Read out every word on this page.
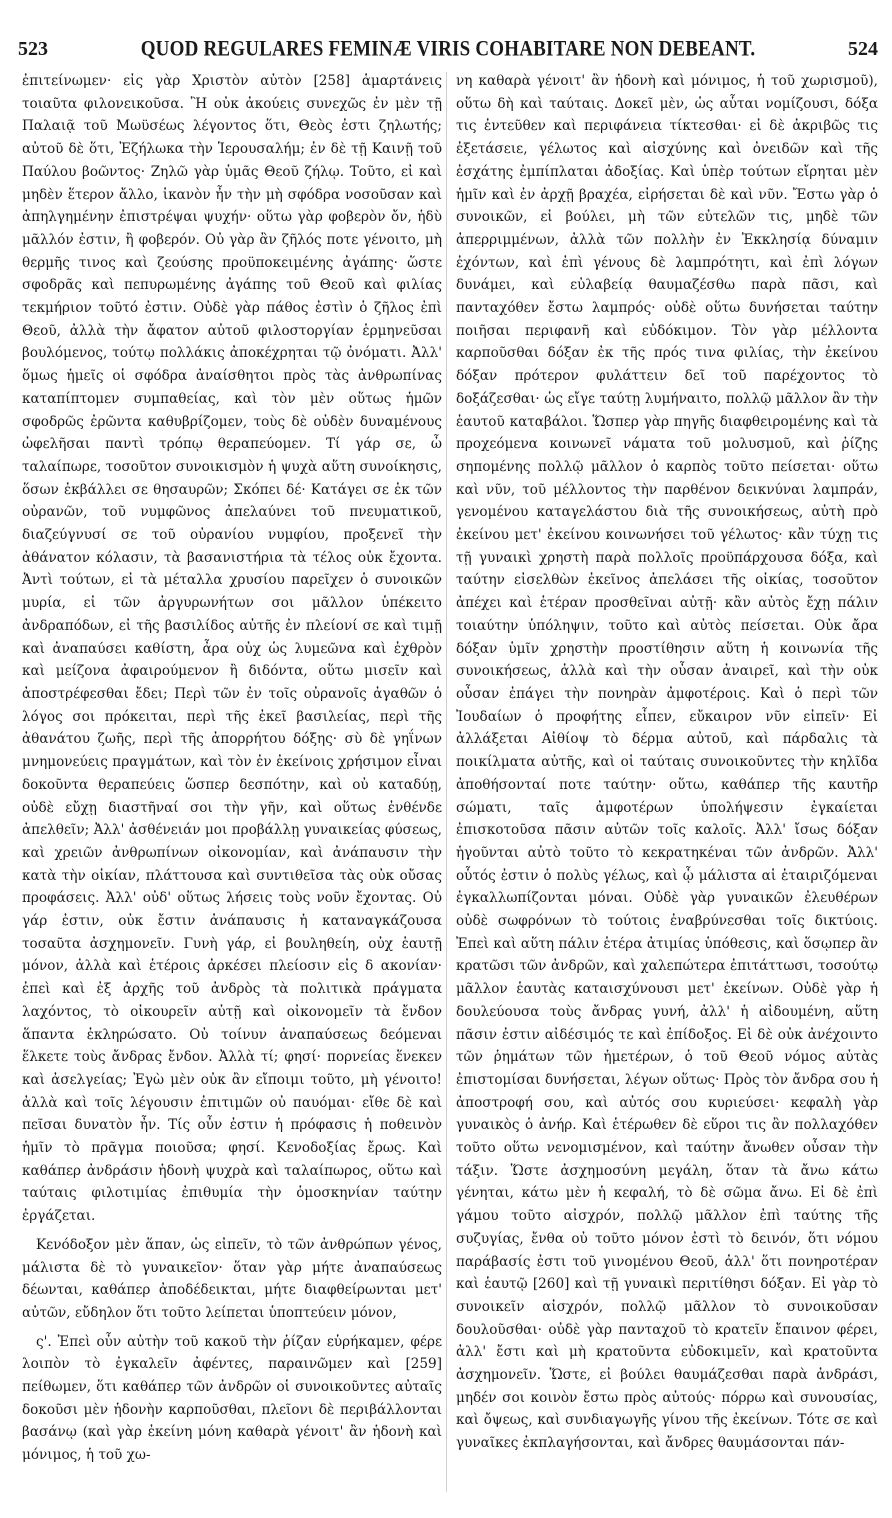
523	QUOD REGULARES FEMINÆ VIRIS COHABITARE NON DEBEANT.	524

ἐπιτείνωμεν· εἰς γὰρ Χριστὸν αὐτὸν [258] ἁμαρτάνεις τοιαῦτα φιλονεικοῦσα. Ἢ οὐκ ἀκούεις συνεχῶς ἐν μὲν τῇ Παλαιᾷ τοῦ Μωϋσέως λέγοντος ὅτι, Θεὸς ἐστι ζηλωτής; αὐτοῦ δὲ ὅτι, Ἐζήλωκα τὴν Ἱερουσαλήμ; ἐν δὲ τῇ Καινῇ τοῦ Παύλου βοῶντος· Ζηλῶ γὰρ ὑμᾶς Θεοῦ ζήλῳ. Τοῦτο, εἰ καὶ μηδὲν ἕτερον ἄλλο, ἱκανὸν ἦν τὴν μὴ σφόδρα νοσοῦσαν καὶ ἀπηλγημένην ἐπιστρέψαι ψυχήν· οὕτω γὰρ φοβερὸν ὄν, ἡδὺ μᾶλλόν ἐστιν, ἢ φοβερόν. Οὐ γὰρ ἂν ζῆλός ποτε γένοιτο, μὴ θερμῆς τινος καὶ ζεούσης προϋποκειμένης ἀγάπης· ὥστε σφοδρᾶς καὶ πεπυρωμένης ἀγάπης τοῦ Θεοῦ καὶ φιλίας τεκμήριον τοῦτό ἐστιν. Οὐδὲ γὰρ πάθος ἐστὶν ὁ ζῆλος ἐπὶ Θεοῦ, ἀλλὰ τὴν ἄφατον αὐτοῦ φιλοστοργίαν ἑρμηνεῦσαι βουλόμενος, τούτῳ πολλάκις ἀποκέχρηται τῷ ὀνόματι. Ἀλλ' ὅμως ἡμεῖς οἱ σφόδρα ἀναίσθητοι πρὸς τὰς ἀνθρωπίνας καταπίπτομεν συμπαθείας, καὶ τὸν μὲν οὕτως ἡμῶν σφοδρῶς ἐρῶντα καθυβρίζομεν, τοὺς δὲ οὐδὲν δυναμένους ὠφελῆσαι παντὶ τρόπῳ θεραπεύομεν. Τί γάρ σε, ὦ ταλαίπωρε, τοσοῦτον συνοικισμὸν ἡ ψυχὰ αὕτη συνοίκησις, ὅσων ἐκβάλλει σε θησαυρῶν; Σκόπει δέ· Κατάγει σε ἐκ τῶν οὐρανῶν, τοῦ νυμφῶνος ἀπελαύνει τοῦ πνευματικοῦ, διαζεύγνυσί σε τοῦ οὐρανίου νυμφίου, προξενεῖ τὴν ἀθάνατον κόλασιν, τὰ βασανιστήρια τὰ τέλος οὐκ ἔχοντα. Ἀντὶ τούτων, εἰ τὰ μέταλλα χρυσίου παρεῖχεν ὁ συνοικῶν μυρία, εἰ τῶν ἀργυρωνήτων σοι μᾶλλον ὑπέκειτο ἀνδραπόδων, εἰ τῆς βασιλίδος αὐτῆς ἐν πλείονί σε καὶ τιμῇ καὶ ἀναπαύσει καθίστη, ἆρα οὐχ ὡς λυμεῶνα καὶ ἐχθρὸν καὶ μείζονα ἀφαιρούμενον ἢ διδόντα, οὕτω μισεῖν καὶ ἀποστρέφεσθαι ἔδει; Περὶ τῶν ἐν τοῖς οὐρανοῖς ἀγαθῶν ὁ λόγος σοι πρόκειται, περὶ τῆς ἐκεῖ βασιλείας, περὶ τῆς ἀθανάτου ζωῆς, περὶ τῆς ἀπορρήτου δόξης· σὺ δὲ γηΐνων μνημονεύεις πραγμάτων, καὶ τὸν ἐν ἐκείνοις χρήσιμον εἶναι δοκοῦντα θεραπεύεις ὥσπερ δεσπότην, καὶ οὐ καταδύῃ, οὐδὲ εὔχῃ διαστῆναί σοι τὴν γῆν, καὶ οὕτως ἐνθένδε ἀπελθεῖν; Ἀλλ' ἀσθένειάν μοι προβάλλῃ γυναικείας φύσεως, καὶ χρειῶν ἀνθρωπίνων οἰκονομίαν, καὶ ἀνάπαυσιν τὴν κατὰ τὴν οἰκίαν, πλάττουσα καὶ συντιθεῖσα τὰς οὐκ οὔσας προφάσεις. Ἀλλ' οὐδ' οὕτως λήσεις τοὺς νοῦν ἔχοντας. Οὐ γάρ ἐστιν, οὐκ ἔστιν ἀνάπαυσις ἡ καταναγκάζουσα τοσαῦτα ἀσχημονεῖν. Γυνὴ γάρ, εἰ βουληθείη, οὐχ ἑαυτῇ μόνον, ἀλλὰ καὶ ἑτέροις ἀρκέσει πλείοσιν εἰς δ ακονίαν· ἐπεὶ καὶ ἐξ ἀρχῆς τοῦ ἀνδρὸς τὰ πολιτικὰ πράγματα λαχόντος, τὸ οἰκουρεῖν αὐτῇ καὶ οἰκονομεῖν τὰ ἔνδον ἅπαντα ἐκληρώσατο. Οὐ τοίνυν ἀναπαύσεως δεόμεναι ἕλκετε τοὺς ἄνδρας ἔνδον. Ἀλλὰ τί; φησί· πορνείας ἕνεκεν καὶ ἀσελγείας; Ἐγὼ μὲν οὐκ ἂν εἴποιμι τοῦτο, μὴ γένοιτο! ἀλλὰ καὶ τοῖς λέγουσιν ἐπιτιμῶν οὐ παυόμαι· εἴθε δὲ καὶ πεῖσαι δυνατὸν ἦν. Τίς οὖν ἐστιν ἡ πρόφασις ἡ ποθεινὸν ἡμῖν τὸ πρᾶγμα ποιοῦσα; φησί. Κενοδοξίας ἔρως. Καὶ καθάπερ ἀνδράσιν ἡδονὴ ψυχρὰ καὶ ταλαίπωρος, οὕτω καὶ ταύταις φιλοτιμίας ἐπιθυμία τὴν ὁμοσκηνίαν ταύτην ἐργάζεται.

Κενόδοξον μὲν ἅπαν, ὡς εἰπεῖν, τὸ τῶν ἀνθρώπων γένος, μάλιστα δὲ τὸ γυναικεῖον· ὅταν γὰρ μήτε ἀναπαύσεως δέωνται, καθάπερ ἀποδέδεικται, μήτε διαφθείρωνται μετ' αὐτῶν, εὔδηλον ὅτι τοῦτο λείπεται ὑποπτεύειν μόνον,

ς'. Ἐπεὶ οὖν αὐτὴν τοῦ κακοῦ τὴν ῥίζαν εὑρήκαμεν, φέρε λοιπὸν τὸ ἐγκαλεῖν ἀφέντες, παραινῶμεν καὶ [259] πείθωμεν, ὅτι καθάπερ τῶν ἀνδρῶν οἱ συνοικοῦντες αὐταῖς δοκοῦσι μὲν ἡδονὴν καρποῦσθαι, πλεῖονι δὲ περιβάλλονται βασάνῳ (καὶ γὰρ ἐκείνη μόνη καθαρὰ γένοιτ' ἂν ἡδονὴ καὶ μόνιμος, ἡ τοῦ χω-

νη καθαρὰ γένοιτ' ἂν ἡδονὴ καὶ μόνιμος, ἡ τοῦ χωρισμοῦ), οὕτω δὴ καὶ ταύταις. Δοκεῖ μὲν, ὡς αὗται νομίζουσι, δόξα τις ἐντεῦθεν καὶ περιφάνεια τίκτεσθαι· εἰ δὲ ἀκριβῶς τις ἐξετάσειε, γέλωτος καὶ αἰσχύνης καὶ ὀνειδῶν καὶ τῆς ἐσχάτης ἐμπίπλαται ἀδοξίας. Καὶ ὑπὲρ τούτων εἴρηται μὲν ἡμῖν καὶ ἐν ἀρχῇ βραχέα, εἰρήσεται δὲ καὶ νῦν. Ἔστω γὰρ ὁ συνοικῶν, εἰ βούλει, μὴ τῶν εὐτελῶν τις, μηδὲ τῶν ἀπερριμμένων, ἀλλὰ τῶν πολλὴν ἐν Ἐκκλησίᾳ δύναμιν ἐχόντων, καὶ ἐπὶ γένους δὲ λαμπρότητι, καὶ ἐπὶ λόγων δυνάμει, καὶ εὐλαβείᾳ θαυμαζέσθω παρὰ πᾶσι, καὶ πανταχόθεν ἔστω λαμπρός· οὐδὲ οὕτω δυνήσεται ταύτην ποιῆσαι περιφανῆ καὶ εὐδόκιμον. Τὸν γὰρ μέλλοντα καρποῦσθαι δόξαν ἐκ τῆς πρός τινα φιλίας, τὴν ἐκείνου δόξαν πρότερον φυλάττειν δεῖ τοῦ παρέχοντος τὸ δοξάζεσθαι· ὡς εἴγε ταύτῃ λυμήναιτο, πολλῷ μᾶλλον ἂν τὴν ἑαυτοῦ καταβάλοι. Ὥσπερ γὰρ πηγῆς διαφθειρομένης καὶ τὰ προχεόμενα κοινωνεῖ νάματα τοῦ μολυσμοῦ, καὶ ῥίζης σηπομένης πολλῷ μᾶλλον ὁ καρπὸς τοῦτο πείσεται· οὕτω καὶ νῦν, τοῦ μέλλοντος τὴν παρθένον δεικνύναι λαμπράν, γενομένου καταγελάστου διὰ τῆς συνοικήσεως, αὐτὴ πρὸ ἐκείνου μετ' ἐκείνου κοινωνήσει τοῦ γέλωτος· κἂν τύχῃ τις τῇ γυναικὶ χρηστὴ παρὰ πολλοῖς προϋπάρχουσα δόξα, καὶ ταύτην εἰσελθὼν ἐκεῖνος ἀπελάσει τῆς οἰκίας, τοσοῦτον ἀπέχει καὶ ἑτέραν προσθεῖναι αὐτῇ· κἂν αὐτὸς ἔχῃ πάλιν τοιαύτην ὑπόληψιν, τοῦτο καὶ αὐτὸς πείσεται. Οὐκ ἄρα δόξαν ὑμῖν χρηστὴν προστίθησιν αὕτη ἡ κοινωνία τῆς συνοικήσεως, ἀλλὰ καὶ τὴν οὖσαν ἀναιρεῖ, καὶ τὴν οὐκ οὖσαν ἐπάγει τὴν πονηρὰν ἀμφοτέροις. Καὶ ὁ περὶ τῶν Ἰουδαίων ὁ προφήτης εἶπεν, εὔκαιρον νῦν εἰπεῖν· Εἰ ἀλλάξεται Αἰθίοψ τὸ δέρμα αὐτοῦ, καὶ πάρδαλις τὰ ποικίλματα αὐτῆς, καὶ οἱ ταύταις συνοικοῦντες τὴν κηλῖδα ἀποθήσονταί ποτε ταύτην· οὕτω, καθάπερ τῆς καυτῆρ σώματι, ταῖς ἀμφοτέρων ὑπολήψεσιν ἐγκαίεται ἐπισκοτοῦσα πᾶσιν αὐτῶν τοῖς καλοῖς. Ἀλλ' ἴσως δόξαν ἡγοῦνται αὐτὸ τοῦτο τὸ κεκρατηκέναι τῶν ἀνδρῶν. Ἀλλ' οὗτός ἐστιν ὁ πολὺς γέλως, καὶ ᾧ μάλιστα αἱ ἑταιριζόμεναι ἐγκαλλωπίζονται μόναι. Οὐδὲ γὰρ γυναικῶν ἐλευθέρων οὐδὲ σωφρόνων τὸ τούτοις ἐναβρύνεσθαι τοῖς δικτύοις. Ἐπεὶ καὶ αὕτη πάλιν ἑτέρα ἀτιμίας ὑπόθεσις, καὶ ὅσῳπερ ἂν κρατῶσι τῶν ἀνδρῶν, καὶ χαλεπώτερα ἐπιτάττωσι, τοσούτῳ μᾶλλον ἑαυτὰς καταισχύνουσι μετ' ἐκείνων. Οὐδὲ γὰρ ἡ δουλεύουσα τοὺς ἄνδρας γυνή, ἀλλ' ἡ αἰδουμένη, αὕτη πᾶσιν ἐστιν αἰδέσιμός τε καὶ ἐπίδοξος. Εἰ δὲ οὐκ ἀνέχοιντο τῶν ῥημάτων τῶν ἡμετέρων, ὁ τοῦ Θεοῦ νόμος αὐτὰς ἐπιστομίσαι δυνήσεται, λέγων οὕτως· Πρὸς τὸν ἄνδρα σου ἡ ἀποστροφή σου, καὶ αὐτός σου κυριεύσει· κεφαλὴ γὰρ γυναικὸς ὁ ἀνήρ. Καὶ ἑτέρωθεν δὲ εὕροι τις ἂν πολλαχόθεν τοῦτο οὕτω νενομισμένον, καὶ ταύτην ἄνωθεν οὖσαν τὴν τάξιν. Ὥστε ἀσχημοσύνη μεγάλη, ὅταν τὰ ἄνω κάτω γένηται, κάτω μὲν ἡ κεφαλή, τὸ δὲ σῶμα ἄνω. Εἰ δὲ ἐπὶ γάμου τοῦτο αἰσχρόν, πολλῷ μᾶλλον ἐπὶ ταύτης τῆς συζυγίας, ἔνθα οὐ τοῦτο μόνον ἐστὶ τὸ δεινόν, ὅτι νόμου παράβασίς ἐστι τοῦ γινομένου Θεοῦ, ἀλλ' ὅτι πονηροτέραν καὶ ἑαυτῷ [260] καὶ τῇ γυναικὶ περιτίθησι δόξαν. Εἰ γὰρ τὸ συνοικεῖν αἰσχρόν, πολλῷ μᾶλλον τὸ συνοικοῦσαν δουλοῦσθαι· οὐδὲ γὰρ πανταχοῦ τὸ κρατεῖν ἔπαινον φέρει, ἀλλ' ἔστι καὶ μὴ κρατοῦντα εὐδοκιμεῖν, καὶ κρατοῦντα ἀσχημονεῖν. Ὥστε, εἰ βούλει θαυμάζεσθαι παρὰ ἀνδράσι, μηδέν σοι κοινὸν ἔστω πρὸς αὐτούς· πόρρω καὶ συνουσίας, καὶ ὄψεως, καὶ συνδιαγωγῆς γίνου τῆς ἐκείνων. Τότε σε καὶ γυναῖκες ἐκπλαγήσονται, καὶ ἄνδρες θαυμάσονται πάν-
